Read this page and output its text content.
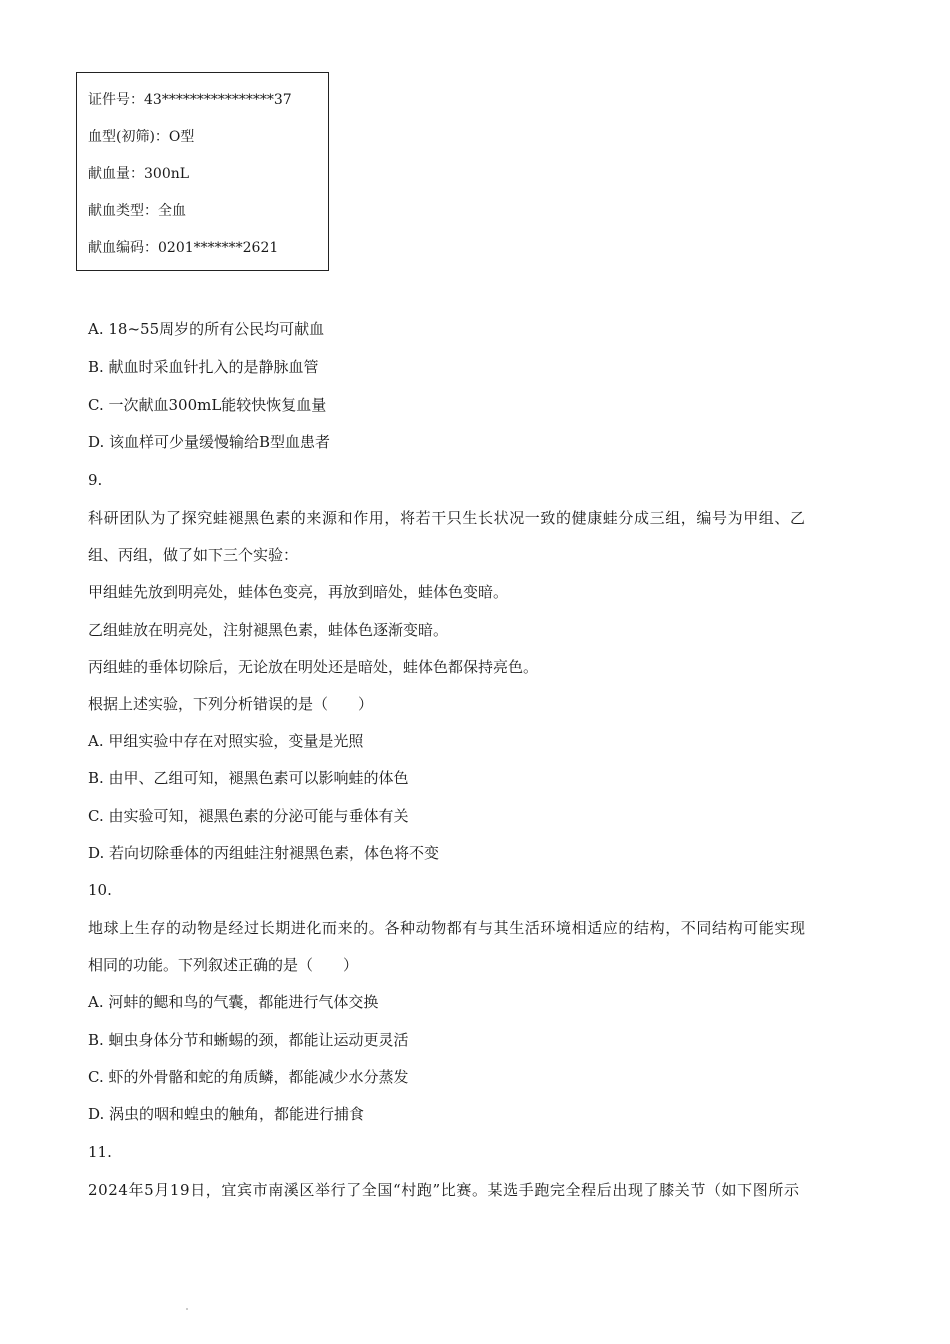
证件号：43****************37
血型(初筛)：O型
献血量：300nL
献血类型：全血
献血编码：0201*******2621
A. 18~55周岁的所有公民均可献血
B. 献血时采血针扎入的是静脉血管
C. 一次献血300mL能较快恢复血量
D. 该血样可少量缓慢输给B型血患者
9.
科研团队为了探究蛙褪黑色素的来源和作用，将若干只生长状况一致的健康蛙分成三组，编号为甲组、乙
组、丙组，做了如下三个实验：
甲组蛙先放到明亮处，蛙体色变亮，再放到暗处，蛙体色变暗。
乙组蛙放在明亮处，注射褪黑色素，蛙体色逐渐变暗。
丙组蛙的垂体切除后，无论放在明处还是暗处，蛙体色都保持亮色。
根据上述实验，下列分析错误的是（　　）
A. 甲组实验中存在对照实验，变量是光照
B. 由甲、乙组可知，褪黑色素可以影响蛙的体色
C. 由实验可知，褪黑色素的分泌可能与垂体有关
D. 若向切除垂体的丙组蛙注射褪黑色素，体色将不变
10.
地球上生存的动物是经过长期进化而来的。各种动物都有与其生活环境相适应的结构，不同结构可能实现
相同的功能。下列叙述正确的是（　　）
A. 河蚌的鳃和鸟的气囊，都能进行气体交换
B. 蛔虫身体分节和蜥蜴的颈，都能让运动更灵活
C. 虾的外骨骼和蛇的角质鳞，都能减少水分蒸发
D. 涡虫的咽和蝗虫的触角，都能进行捕食
11.
2024年5月19日，宜宾市南溪区举行了全国“村跑”比赛。某选手跑完全程后出现了膝关节（如下图所示
